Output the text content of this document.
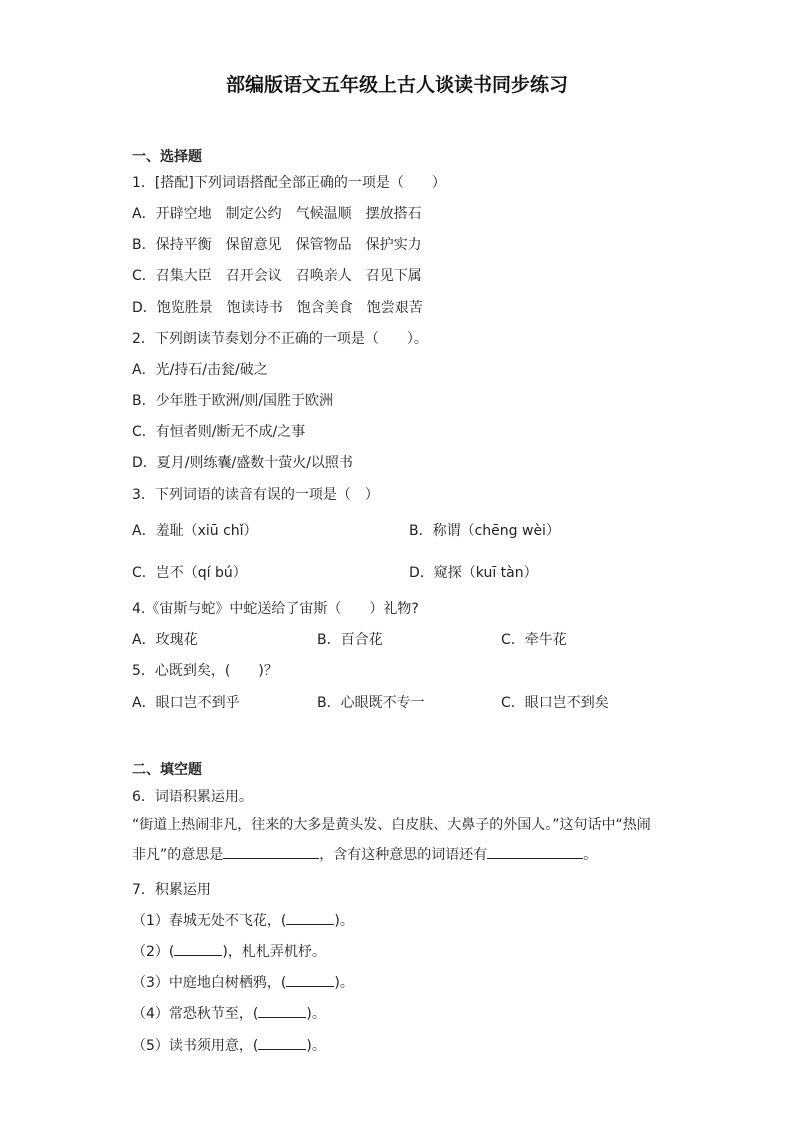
部编版语文五年级上古人谈读书同步练习
一、选择题
1．[搭配]下列词语搭配全部正确的一项是（　　）
A．开辟空地　制定公约　气候温顺　摆放搭石
B．保持平衡　保留意见　保管物品　保护实力
C．召集大臣　召开会议　召唤亲人　召见下属
D．饱览胜景　饱读诗书　饱含美食　饱尝艰苦
2．下列朗读节奏划分不正确的一项是（　　）。
A．光/持石/击瓮/破之
B．少年胜于欧洲/则/国胜于欧洲
C．有恒者则/断无不成/之事
D．夏月/则练囊/盛数十萤火/以照书
3．下列词语的读音有误的一项是（　）
A．羞耻（xiū chǐ）	B．称谓（chēng wèi）
C．岂不（qí bú）	D．窥探（kuī tàn）
4.《宙斯与蛇》中蛇送给了宙斯（　　）礼物?
A．玫瑰花	B．百合花	C．牵牛花
5．心既到矣，(　　)？
A．眼口岂不到乎	B．心眼既不专一	C．眼口岂不到矣
二、填空题
6．词语积累运用。
“街道上热闹非凡，往来的大多是黄头发、白皮肤、大鼻子的外国人。”这句话中“热闹非凡”的意思是	，含有这种意思的词语还有	。
7．积累运用
（1）春城无处不飞花，(	)。
（2）(	)，札札弄机杼。
（3）中庭地白树栖鸦，(	)。
（4）常恐秋节至，(	)。
（5）读书须用意，(	)。
